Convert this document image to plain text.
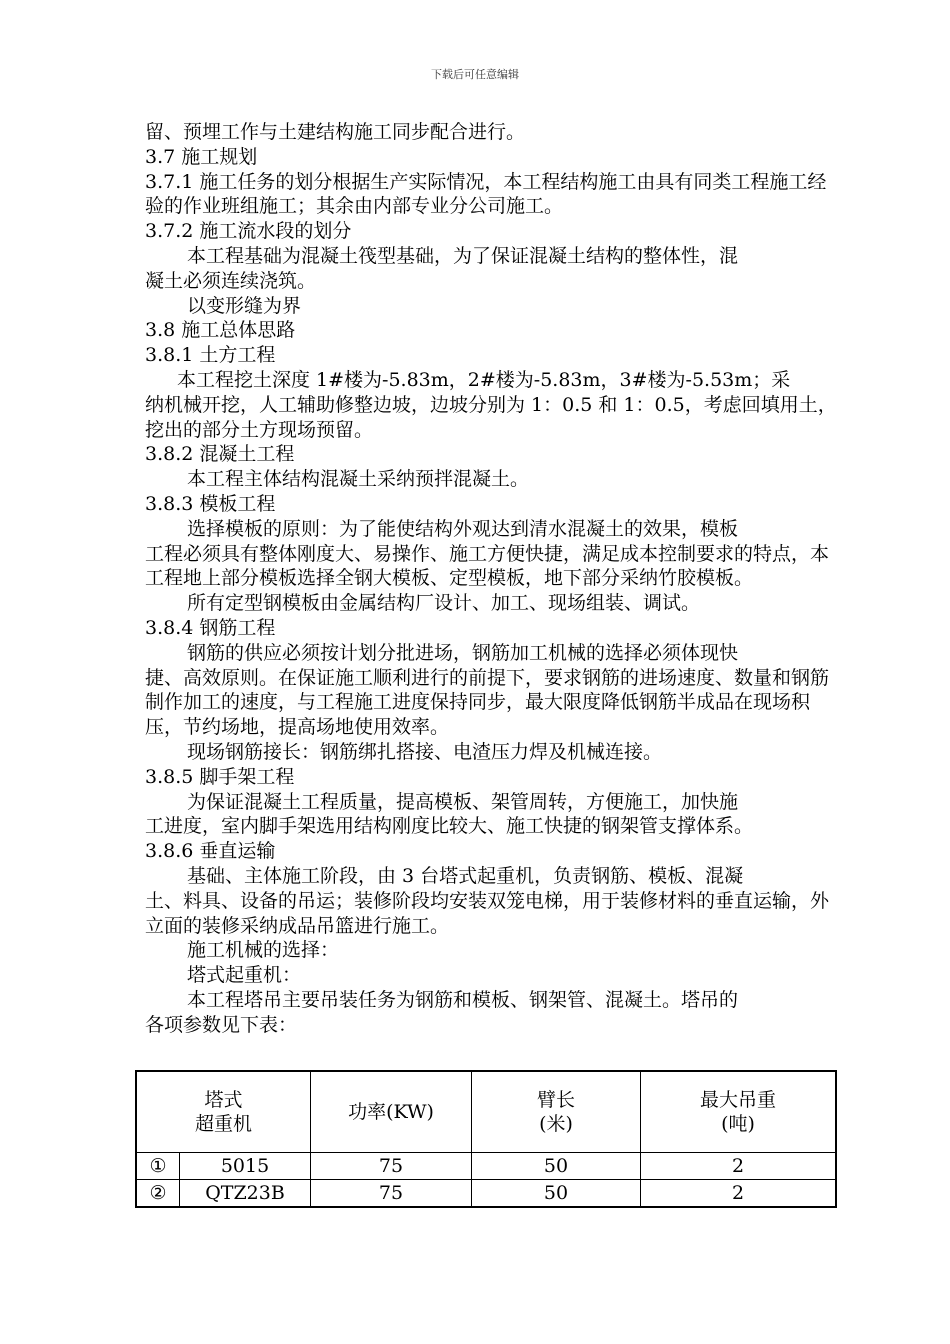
下载后可任意编辑

留、预埋工作与土建结构施工同步配合进行。

3.7 施工规划

3.7.1 施工任务的划分根据生产实际情况，本工程结构施工由具有同类工程施工经验的作业班组施工；其余由内部专业分公司施工。

3.7.2 施工流水段的划分

本工程基础为混凝土筏型基础，为了保证混凝土结构的整体性，混

凝土必须连续浇筑。

以变形缝为界

3.8 施工总体思路

3.8.1 土方工程

本工程挖土深度 1#楼为-5.83m，2#楼为-5.83m，3#楼为-5.53m；采

纳机械开挖，人工辅助修整边坡，边坡分别为 1：0.5 和 1：0.5，考虑回填用土，挖出的部分土方现场预留。

3.8.2 混凝土工程

本工程主体结构混凝土采纳预拌混凝土。

3.8.3 模板工程

选择模板的原则：为了能使结构外观达到清水混凝土的效果，模板

工程必须具有整体刚度大、易操作、施工方便快捷，满足成本控制要求的特点，本工程地上部分模板选择全钢大模板、定型模板，地下部分采纳竹胶模板。

所有定型钢模板由金属结构厂设计、加工、现场组装、调试。

3.8.4 钢筋工程

钢筋的供应必须按计划分批进场，钢筋加工机械的选择必须体现快

捷、高效原则。在保证施工顺利进行的前提下，要求钢筋的进场速度、数量和钢筋制作加工的速度，与工程施工进度保持同步，最大限度降低钢筋半成品在现场积压，节约场地，提高场地使用效率。

现场钢筋接长：钢筋绑扎搭接、电渣压力焊及机械连接。

3.8.5 脚手架工程

为保证混凝土工程质量，提高模板、架管周转，方便施工，加快施

工进度，室内脚手架选用结构刚度比较大、施工快捷的钢架管支撑体系。

3.8.6 垂直运输

基础、主体施工阶段，由 3 台塔式起重机，负责钢筋、模板、混凝

土、料具、设备的吊运；装修阶段均安装双笼电梯，用于装修材料的垂直运输，外立面的装修采纳成品吊篮进行施工。

施工机械的选择：

塔式起重机：

本工程塔吊主要吊装任务为钢筋和模板、钢架管、混凝土。塔吊的

各项参数见下表：

塔式
超重机		功率(KW)	臂长
(米)	最大吊重
(吨)
①	5015	75	50	2
②	QTZ23B	75	50	2
